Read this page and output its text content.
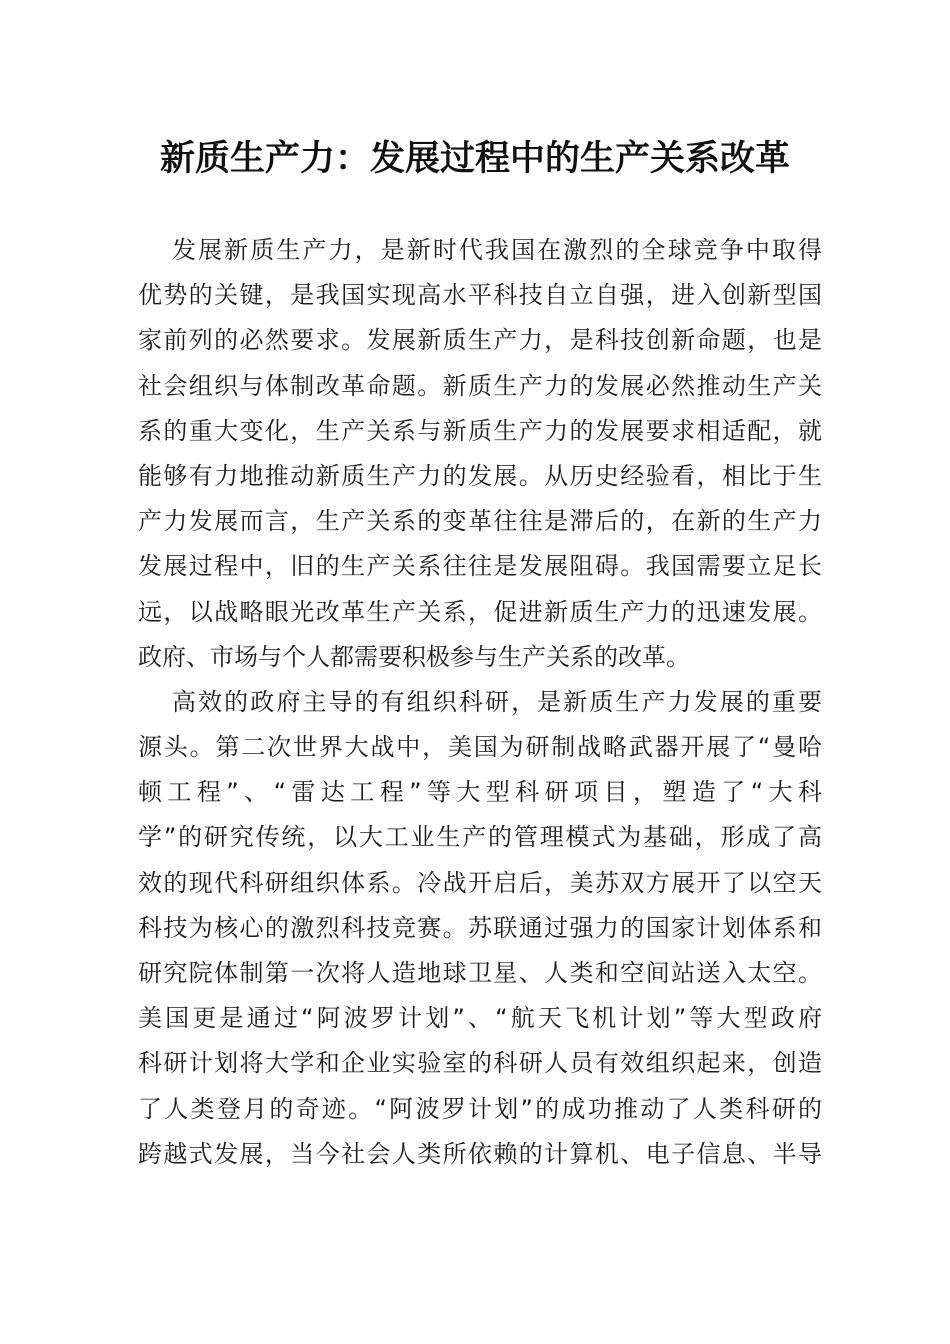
新质生产力：发展过程中的生产关系改革
发展新质生产力，是新时代我国在激烈的全球竞争中取得
优势的关键，是我国实现高水平科技自立自强，进入创新型国
家前列的必然要求。发展新质生产力，是科技创新命题，也是
社会组织与体制改革命题。新质生产力的发展必然推动生产关
系的重大变化，生产关系与新质生产力的发展要求相适配，就
能够有力地推动新质生产力的发展。从历史经验看，相比于生
产力发展而言，生产关系的变革往往是滞后的，在新的生产力
发展过程中，旧的生产关系往往是发展阻碍。我国需要立足长
远，以战略眼光改革生产关系，促进新质生产力的迅速发展。
政府、市场与个人都需要积极参与生产关系的改革。
高效的政府主导的有组织科研，是新质生产力发展的重要
源头。第二次世界大战中，美国为研制战略武器开展了“曼哈
顿工程”、“雷达工程”等大型科研项目，塑造了“大科
学”的研究传统，以大工业生产的管理模式为基础，形成了高
效的现代科研组织体系。冷战开启后，美苏双方展开了以空天
科技为核心的激烈科技竞赛。苏联通过强力的国家计划体系和
研究院体制第一次将人造地球卫星、人类和空间站送入太空。
美国更是通过“阿波罗计划”、“航天飞机计划”等大型政府
科研计划将大学和企业实验室的科研人员有效组织起来，创造
了人类登月的奇迹。“阿波罗计划”的成功推动了人类科研的
跨越式发展，当今社会人类所依赖的计算机、电子信息、半导
